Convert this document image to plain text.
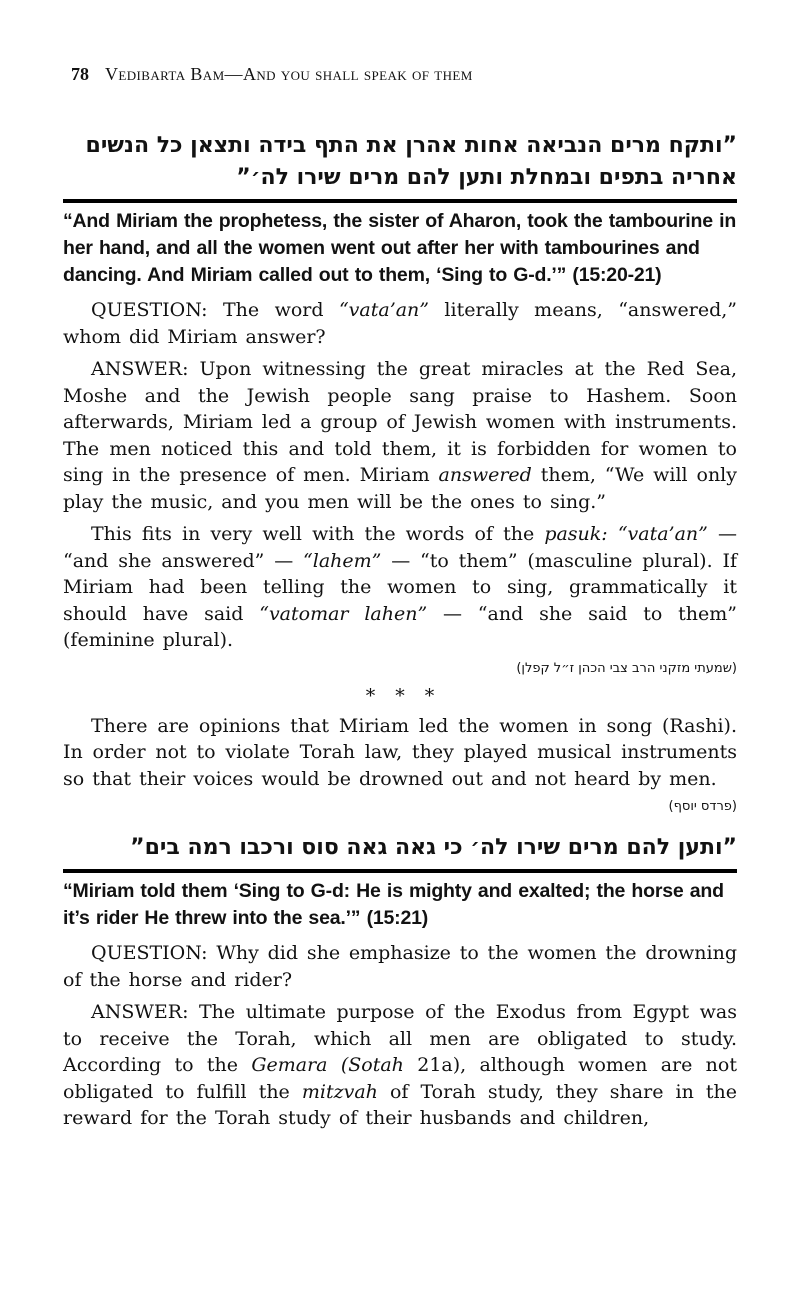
78 Vedibarta Bam—And you shall speak of them
”ותקח מרים הנביאה אחות אהרן את התף בידה ותצאן כל הנשים
אחריה בתפים ובמחלת ותען להם מרים שירו לה׳”

“And Miriam the prophetess, the sister of Aharon, took the tambourine in her hand, and all the women went out after her with tambourines and dancing. And Miriam called out to them, ‘Sing to G-d.’” (15:20-21)

QUESTION: The word “vata’an” literally means, “answered,” whom did Miriam answer?

ANSWER: Upon witnessing the great miracles at the Red Sea, Moshe and the Jewish people sang praise to Hashem. Soon afterwards, Miriam led a group of Jewish women with instruments. The men noticed this and told them, it is forbidden for women to sing in the presence of men. Miriam answered them, “We will only play the music, and you men will be the ones to sing.”

This fits in very well with the words of the pasuk: “vata’an” — “and she answered” — “lahem” — “to them” (masculine plural). If Miriam had been telling the women to sing, grammatically it should have said “vatomar lahen” — “and she said to them” (feminine plural).

(שמעתי מזקני הרב צבי הכהן ז״ל קפלן)
* * *

There are opinions that Miriam led the women in song (Rashi). In order not to violate Torah law, they played musical instruments so that their voices would be drowned out and not heard by men.

(פרדס יוסף)
”ותען להם מרים שירו לה׳ כי גאה גאה סוס ורכבו רמה בים”

“Miriam told them ‘Sing to G-d: He is mighty and exalted; the horse and it’s rider He threw into the sea.’” (15:21)

QUESTION: Why did she emphasize to the women the drowning of the horse and rider?

ANSWER: The ultimate purpose of the Exodus from Egypt was to receive the Torah, which all men are obligated to study. According to the Gemara (Sotah 21a), although women are not obligated to fulfill the mitzvah of Torah study, they share in the reward for the Torah study of their husbands and children,
